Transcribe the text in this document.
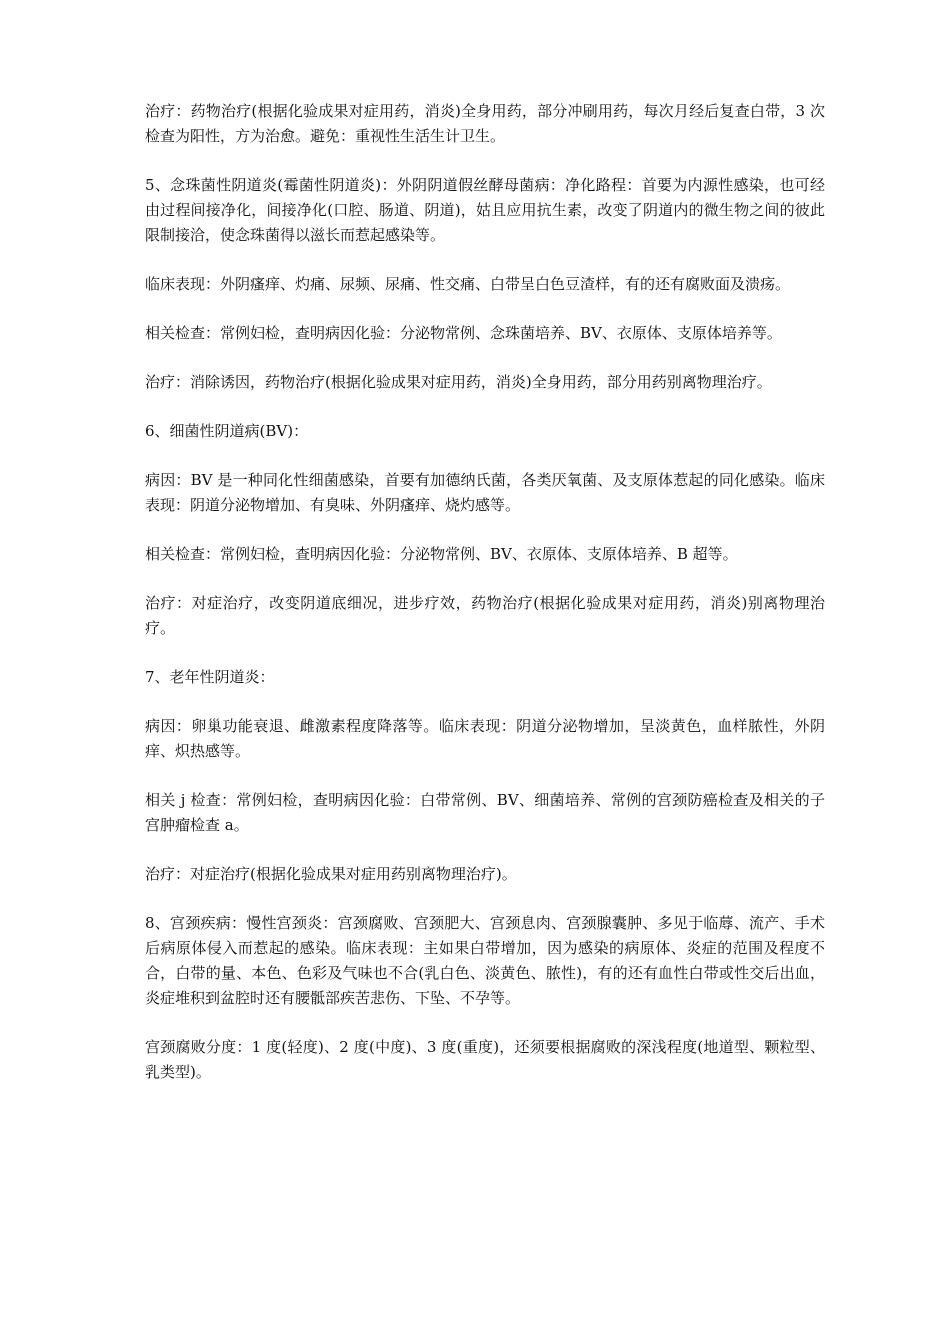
治疗：药物治疗(根据化验成果对症用药，消炎)全身用药，部分冲刷用药，每次月经后复查白带，3 次检查为阳性，方为治愈。避免：重视性生活生计卫生。

5、念珠菌性阴道炎(霉菌性阴道炎)：外阴阴道假丝酵母菌病：净化路程：首要为内源性感染，也可经由过程间接净化，间接净化(口腔、肠道、阴道)，姑且应用抗生素，改变了阴道内的微生物之间的彼此限制接洽，使念珠菌得以滋长而惹起感染等。

临床表现：外阴瘙痒、灼痛、尿频、尿痛、性交痛、白带呈白色豆渣样，有的还有腐败面及溃疡。

相关检查：常例妇检，查明病因化验：分泌物常例、念珠菌培养、BV、衣原体、支原体培养等。

治疗：消除诱因，药物治疗(根据化验成果对症用药，消炎)全身用药，部分用药别离物理治疗。

6、细菌性阴道病(BV)：

病因：BV 是一种同化性细菌感染，首要有加德纳氏菌，各类厌氧菌、及支原体惹起的同化感染。临床表现：阴道分泌物增加、有臭味、外阴瘙痒、烧灼感等。

相关检查：常例妇检，查明病因化验：分泌物常例、BV、衣原体、支原体培养、B 超等。

治疗：对症治疗，改变阴道底细况，进步疗效，药物治疗(根据化验成果对症用药，消炎)别离物理治疗。

7、老年性阴道炎：

病因：卵巢功能衰退、雌激素程度降落等。临床表现：阴道分泌物增加，呈淡黄色，血样脓性，外阴痒、炽热感等。

相关 j 检查：常例妇检，查明病因化验：白带常例、BV、细菌培养、常例的宫颈防癌检查及相关的子宫肿瘤检查 a。

治疗：对症治疗(根据化验成果对症用药别离物理治疗)。

8、宫颈疾病：慢性宫颈炎：宫颈腐败、宫颈肥大、宫颈息肉、宫颈腺囊肿、多见于临蓐、流产、手术后病原体侵入而惹起的感染。临床表现：主如果白带增加，因为感染的病原体、炎症的范围及程度不合，白带的量、本色、色彩及气味也不合(乳白色、淡黄色、脓性)，有的还有血性白带或性交后出血，炎症堆积到盆腔时还有腰骶部疾苦悲伤、下坠、不孕等。

宫颈腐败分度：1 度(轻度)、2 度(中度)、3 度(重度)，还须要根据腐败的深浅程度(地道型、颗粒型、乳类型)。
